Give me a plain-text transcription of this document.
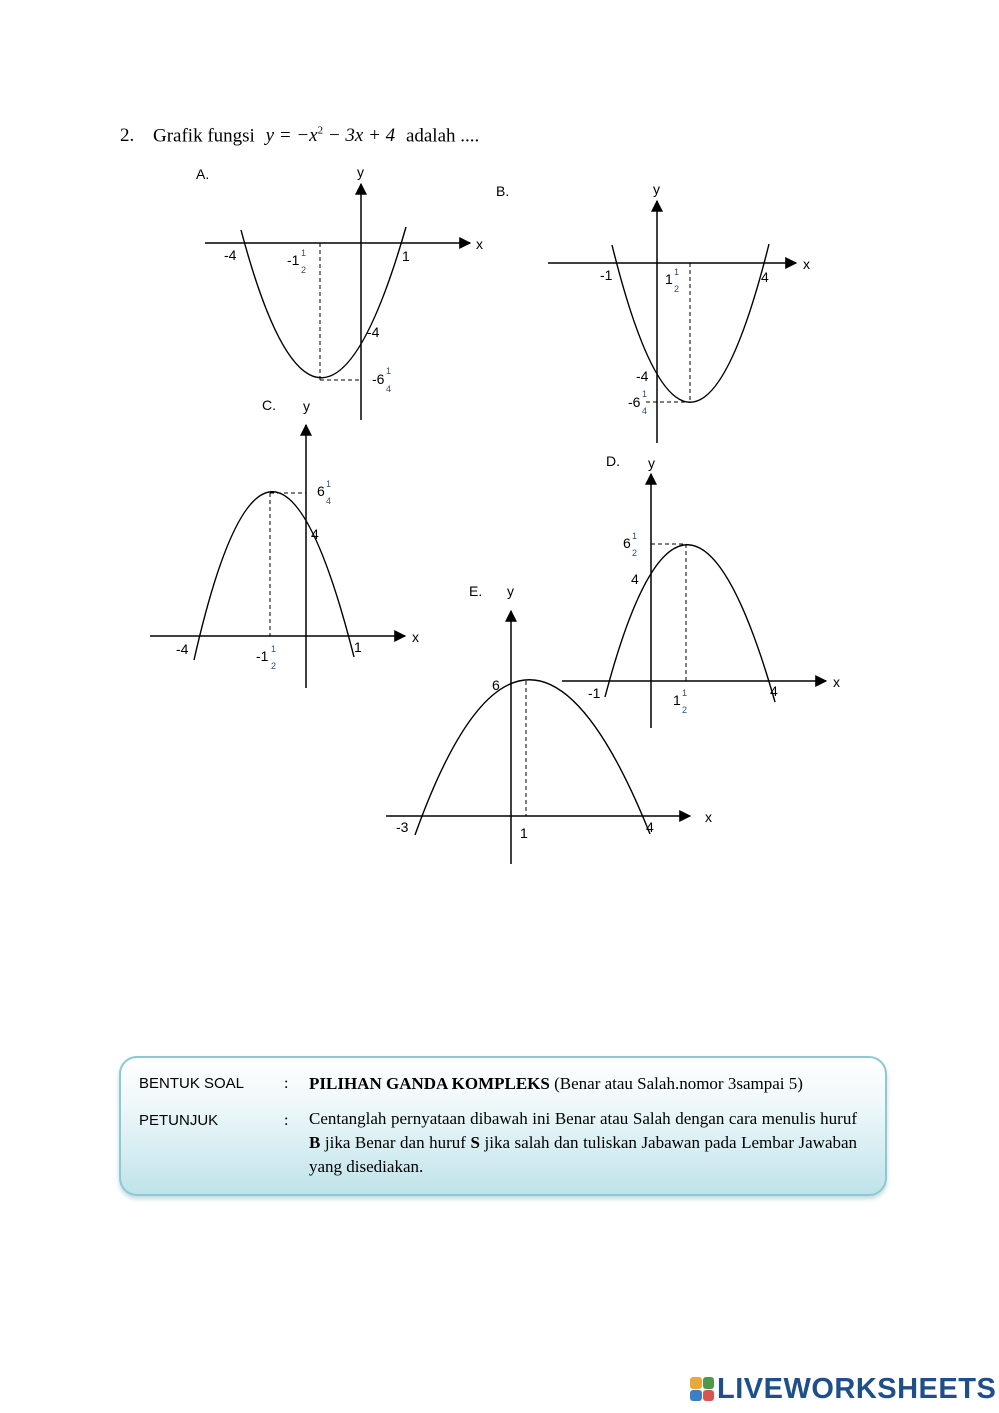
2. Grafik fungsi $y = -x^2 - 3x + 4$ adalah ....
A.
x
y
-4	-1 1
2
1
-4
-6 1
4
B.
x
y
-1	1 1
2
4
-4
-6 1
4
C.
x
y
-4	-1 1
2
1
4
6 1
4
D.
x
y
-1	1 1
2
4
4
6 1
2
E.
x
y
-3	1	4
6
BENTUK SOAL	: PILIHAN GANDA KOMPLEKS (Benar atau Salah.nomor 3sampai 5)
PETUNJUK	: Centanglah pernyataan dibawah ini Benar atau Salah dengan cara menulis huruf B jika Benar dan huruf S jika salah dan tuliskan Jabawan pada Lembar Jawaban yang disediakan.
LIVEWORKSHEETS
